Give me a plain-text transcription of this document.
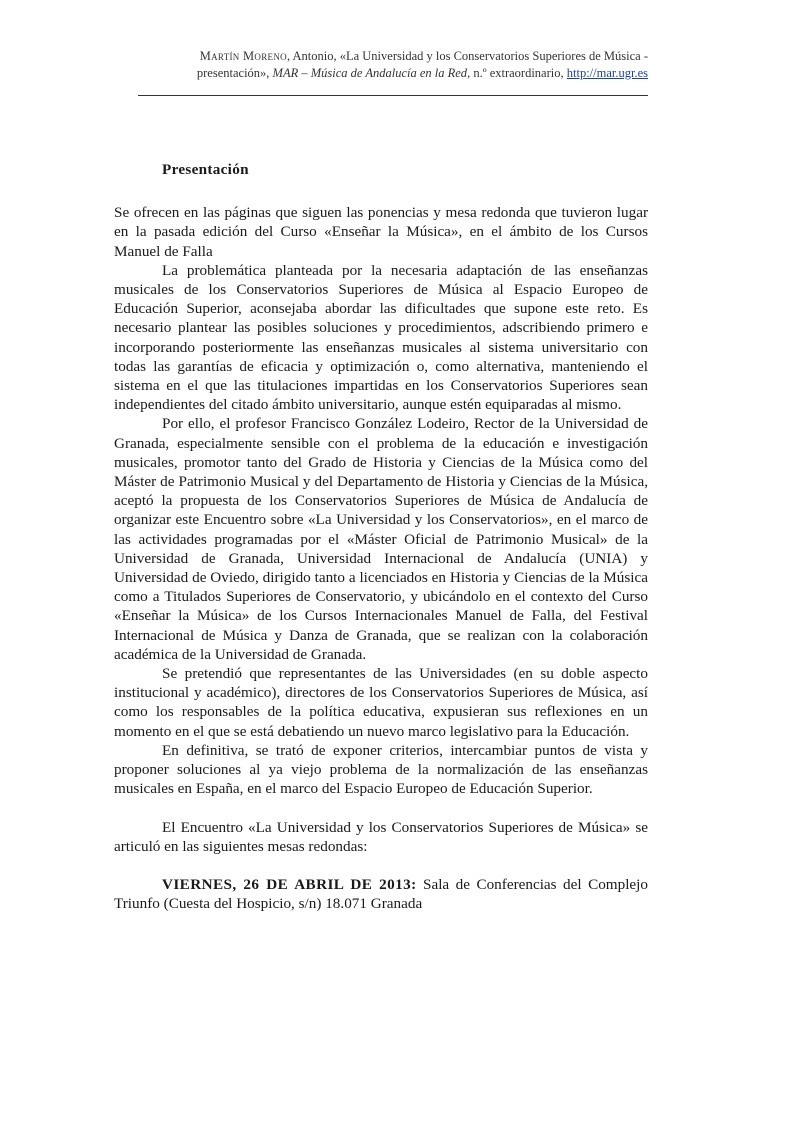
Martín Moreno, Antonio, «La Universidad y los Conservatorios Superiores de Música -
presentación», MAR – Música de Andalucía en la Red, n.º extraordinario, http://mar.ugr.es

Presentación

Se ofrecen en las páginas que siguen las ponencias y mesa redonda que tuvieron lugar en la pasada edición del Curso «Enseñar la Música», en el ámbito de los Cursos Manuel de Falla

La problemática planteada por la necesaria adaptación de las enseñanzas musicales de los Conservatorios Superiores de Música al Espacio Europeo de Educación Superior, aconsejaba abordar las dificultades que supone este reto. Es necesario plantear las posibles soluciones y procedimientos, adscribiendo primero e incorporando posteriormente las enseñanzas musicales al sistema universitario con todas las garantías de eficacia y optimización o, como alternativa, manteniendo el sistema en el que las titulaciones impartidas en los Conservatorios Superiores sean independientes del citado ámbito universitario, aunque estén equiparadas al mismo.

Por ello, el profesor Francisco González Lodeiro, Rector de la Universidad de Granada, especialmente sensible con el problema de la educación e investigación musicales, promotor tanto del Grado de Historia y Ciencias de la Música como del Máster de Patrimonio Musical y del Departamento de Historia y Ciencias de la Música, aceptó la propuesta de los Conservatorios Superiores de Música de Andalucía de organizar este Encuentro sobre «La Universidad y los Conservatorios», en el marco de las actividades programadas por el «Máster Oficial de Patrimonio Musical» de la Universidad de Granada, Universidad Internacional de Andalucía (UNIA) y Universidad de Oviedo, dirigido tanto a licenciados en Historia y Ciencias de la Música como a Titulados Superiores de Conservatorio, y ubicándolo en el contexto del Curso «Enseñar la Música» de los Cursos Internacionales Manuel de Falla, del Festival Internacional de Música y Danza de Granada, que se realizan con la colaboración académica de la Universidad de Granada.

Se pretendió que representantes de las Universidades (en su doble aspecto institucional y académico), directores de los Conservatorios Superiores de Música, así como los responsables de la política educativa, expusieran sus reflexiones en un momento en el que se está debatiendo un nuevo marco legislativo para la Educación.

En definitiva, se trató de exponer criterios, intercambiar puntos de vista y proponer soluciones al ya viejo problema de la normalización de las enseñanzas musicales en España, en el marco del Espacio Europeo de Educación Superior.

El Encuentro «La Universidad y los Conservatorios Superiores de Música» se articuló en las siguientes mesas redondas:

VIERNES, 26 DE ABRIL DE 2013: Sala de Conferencias del Complejo Triunfo (Cuesta del Hospicio, s/n) 18.071 Granada
